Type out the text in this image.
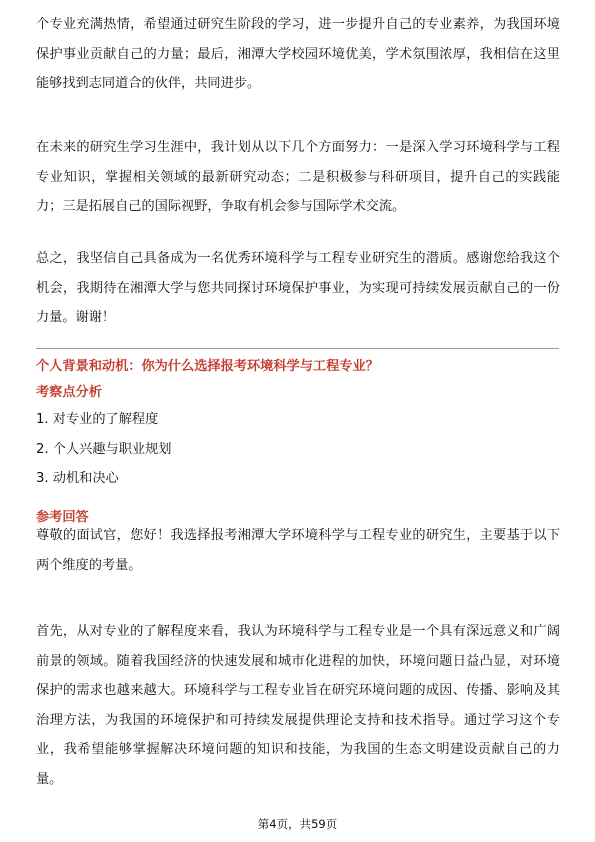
个专业充满热情，希望通过研究生阶段的学习，进一步提升自己的专业素养，为我国环境保护事业贡献自己的力量；最后，湘潭大学校园环境优美，学术氛围浓厚，我相信在这里能够找到志同道合的伙伴，共同进步。

在未来的研究生学习生涯中，我计划从以下几个方面努力：一是深入学习环境科学与工程专业知识，掌握相关领域的最新研究动态；二是积极参与科研项目，提升自己的实践能力；三是拓展自己的国际视野，争取有机会参与国际学术交流。

总之，我坚信自己具备成为一名优秀环境科学与工程专业研究生的潜质。感谢您给我这个机会，我期待在湘潭大学与您共同探讨环境保护事业，为实现可持续发展贡献自己的一份力量。谢谢！

个人背景和动机：你为什么选择报考环境科学与工程专业？

考察点分析

1. 对专业的了解程度

2. 个人兴趣与职业规划

3. 动机和决心

参考回答

尊敬的面试官，您好！我选择报考湘潭大学环境科学与工程专业的研究生，主要基于以下两个维度的考量。

首先，从对专业的了解程度来看，我认为环境科学与工程专业是一个具有深远意义和广阔前景的领域。随着我国经济的快速发展和城市化进程的加快，环境问题日益凸显，对环境保护的需求也越来越大。环境科学与工程专业旨在研究环境问题的成因、传播、影响及其治理方法，为我国的环境保护和可持续发展提供理论支持和技术指导。通过学习这个专业，我希望能够掌握解决环境问题的知识和技能，为我国的生态文明建设贡献自己的力量。

第4页，共59页
